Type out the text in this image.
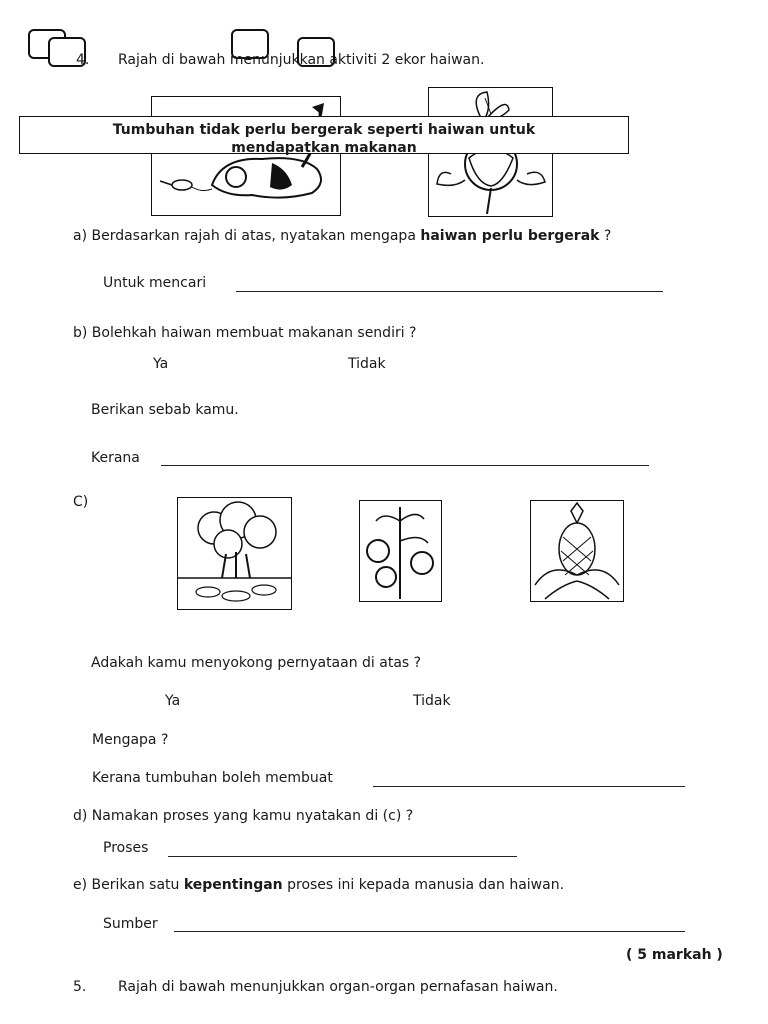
4. Rajah di bawah menunjukkan aktiviti 2 ekor haiwan.
Tumbuhan tidak perlu bergerak seperti haiwan untuk
mendapatkan makanan
a) Berdasarkan rajah di atas, nyatakan mengapa haiwan perlu bergerak ?
Untuk mencari
b) Bolehkah haiwan membuat makanan sendiri ?
Ya	Tidak
Berikan sebab kamu.
Kerana
C)
Adakah kamu menyokong pernyataan di atas ?
Ya	Tidak
Mengapa ?
Kerana tumbuhan boleh membuat
d) Namakan proses yang kamu nyatakan di (c) ?
Proses
e) Berikan satu kepentingan proses ini kepada manusia dan haiwan.
Sumber
( 5 markah )
5. Rajah di bawah menunjukkan organ-organ pernafasan haiwan.
